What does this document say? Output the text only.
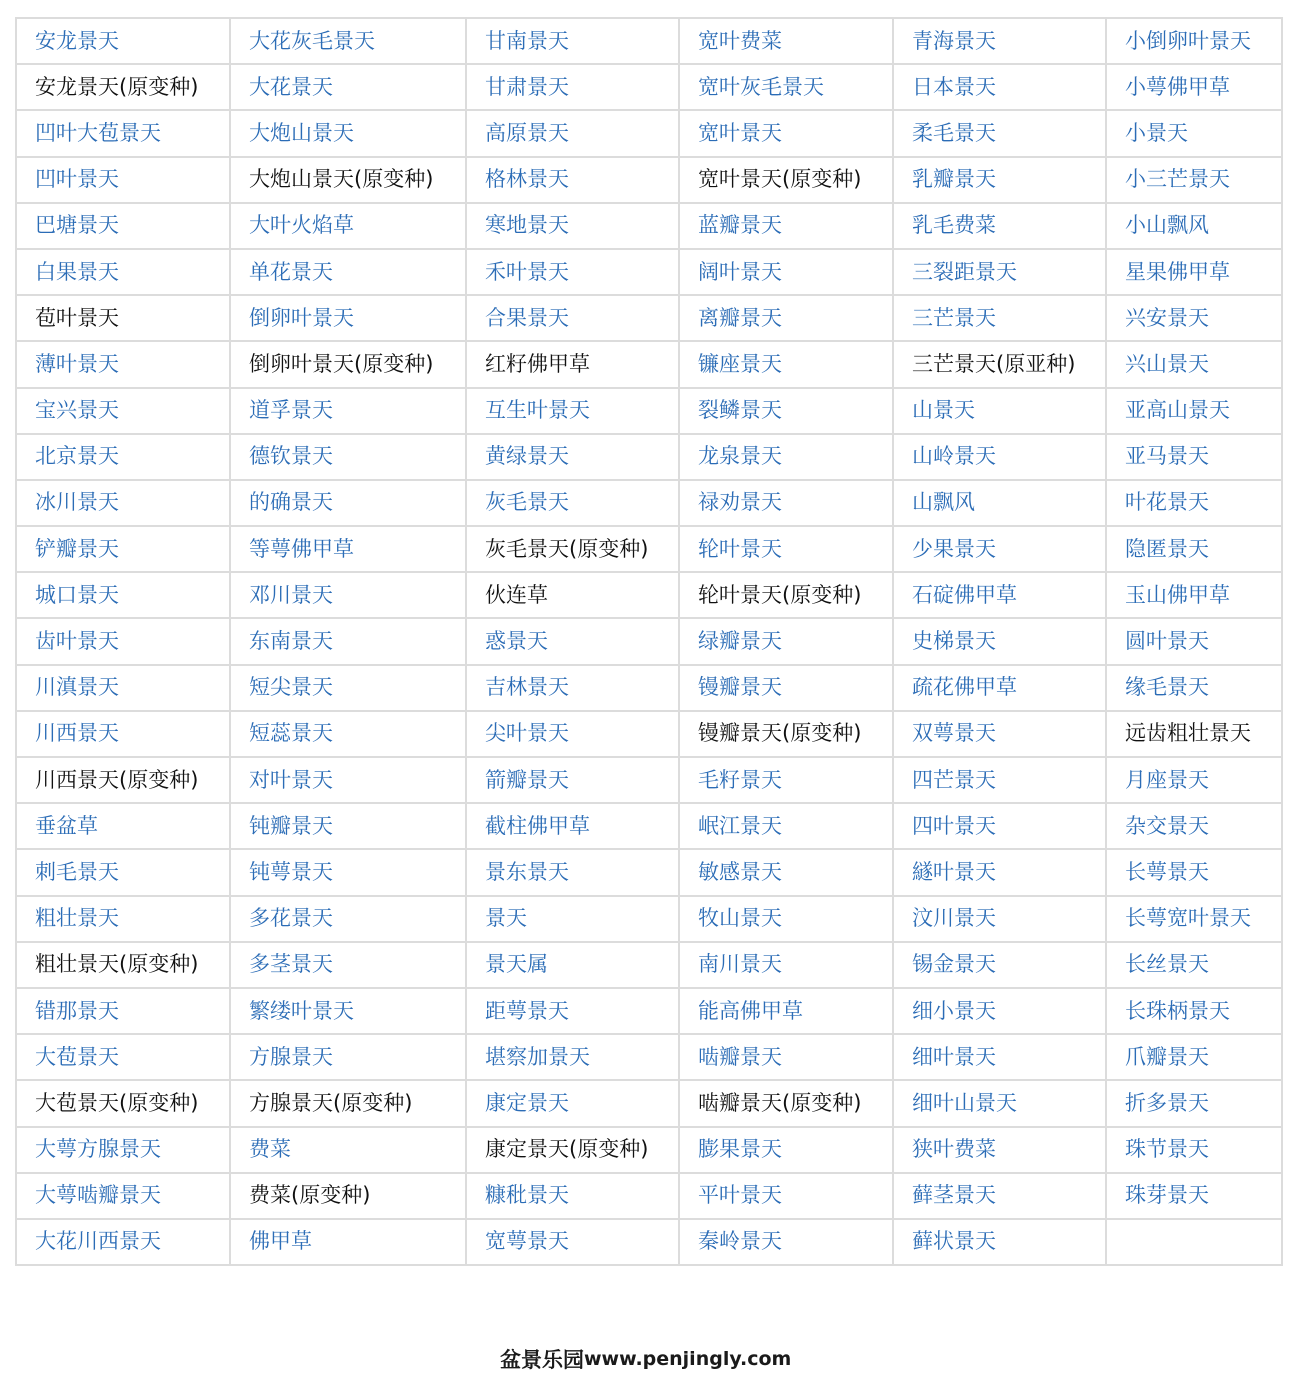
安龙景天	大花灰毛景天	甘南景天	宽叶费菜	青海景天	小倒卵叶景天
安龙景天(原变种)	大花景天	甘肃景天	宽叶灰毛景天	日本景天	小萼佛甲草
凹叶大苞景天	大炮山景天	高原景天	宽叶景天	柔毛景天	小景天
凹叶景天	大炮山景天(原变种)	格林景天	宽叶景天(原变种)	乳瓣景天	小三芒景天
巴塘景天	大叶火焰草	寒地景天	蓝瓣景天	乳毛费菜	小山飘风
白果景天	单花景天	禾叶景天	阔叶景天	三裂距景天	星果佛甲草
苞叶景天	倒卵叶景天	合果景天	离瓣景天	三芒景天	兴安景天
薄叶景天	倒卵叶景天(原变种)	红籽佛甲草	镰座景天	三芒景天(原亚种)	兴山景天
宝兴景天	道孚景天	互生叶景天	裂鳞景天	山景天	亚高山景天
北京景天	德钦景天	黄绿景天	龙泉景天	山岭景天	亚马景天
冰川景天	的确景天	灰毛景天	禄劝景天	山飘风	叶花景天
铲瓣景天	等萼佛甲草	灰毛景天(原变种)	轮叶景天	少果景天	隐匿景天
城口景天	邓川景天	伙连草	轮叶景天(原变种)	石碇佛甲草	玉山佛甲草
齿叶景天	东南景天	惑景天	绿瓣景天	史梯景天	圆叶景天
川滇景天	短尖景天	吉林景天	镘瓣景天	疏花佛甲草	缘毛景天
川西景天	短蕊景天	尖叶景天	镘瓣景天(原变种)	双萼景天	远齿粗壮景天
川西景天(原变种)	对叶景天	箭瓣景天	毛籽景天	四芒景天	月座景天
垂盆草	钝瓣景天	截柱佛甲草	岷江景天	四叶景天	杂交景天
刺毛景天	钝萼景天	景东景天	敏感景天	繸叶景天	长萼景天
粗壮景天	多花景天	景天	牧山景天	汶川景天	长萼宽叶景天
粗壮景天(原变种)	多茎景天	景天属	南川景天	锡金景天	长丝景天
错那景天	繁缕叶景天	距萼景天	能高佛甲草	细小景天	长珠柄景天
大苞景天	方腺景天	堪察加景天	啮瓣景天	细叶景天	爪瓣景天
大苞景天(原变种)	方腺景天(原变种)	康定景天	啮瓣景天(原变种)	细叶山景天	折多景天
大萼方腺景天	费菜	康定景天(原变种)	膨果景天	狭叶费菜	珠节景天
大萼啮瓣景天	费菜(原变种)	糠秕景天	平叶景天	藓茎景天	珠芽景天
大花川西景天	佛甲草	宽萼景天	秦岭景天	藓状景天	
盆景乐园 www.penjingly.com
